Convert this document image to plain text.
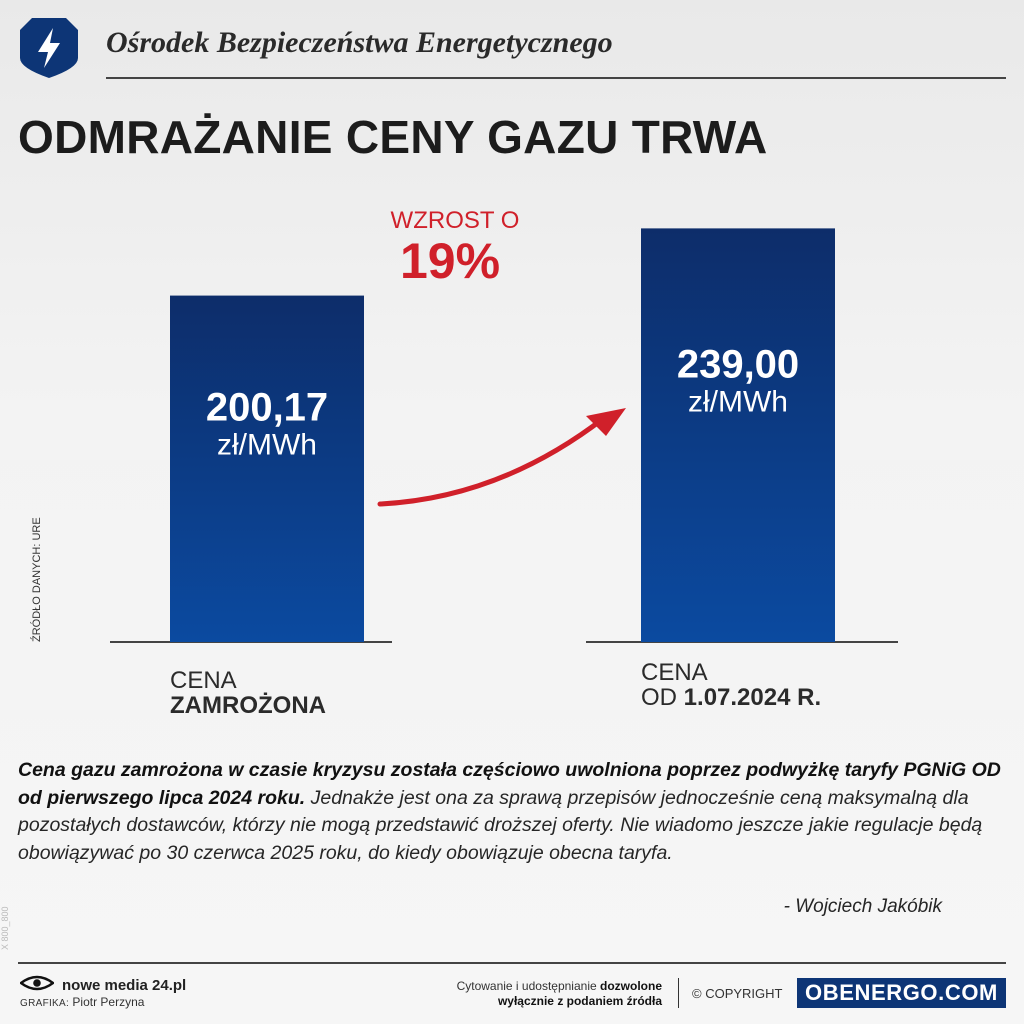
Ośrodek Bezpieczeństwa Energetycznego
ODMRAŻANIE CENY GAZU TRWA
200,17
zł/MWh
239,00
zł/MWh
WZROST O
19%
CENA
ZAMROŻONA
CENA
OD 1.07.2024 R.
ŹRÓDŁO DANYCH: URE

Cena gazu zamrożona w czasie kryzysu została częściowo uwolniona poprzez podwyżkę taryfy PGNiG OD od pierwszego lipca 2024 roku. Jednakże jest ona za sprawą przepisów jednocześnie ceną maksymalną dla pozostałych dostawców, którzy nie mogą przedstawić droższej oferty. Nie wiadomo jeszcze jakie regulacje będą obowiązywać po 30 czerwca 2025 roku, do kiedy obowiązuje obecna taryfa.

- Wojciech Jakóbik

X 800_800
nowe media 24.pl
GRAFIKA: Piotr Perzyna
Cytowanie i udostępnianie dozwolone
wyłącznie z podaniem źródła © COPYRIGHT	OBENERGO.COM
